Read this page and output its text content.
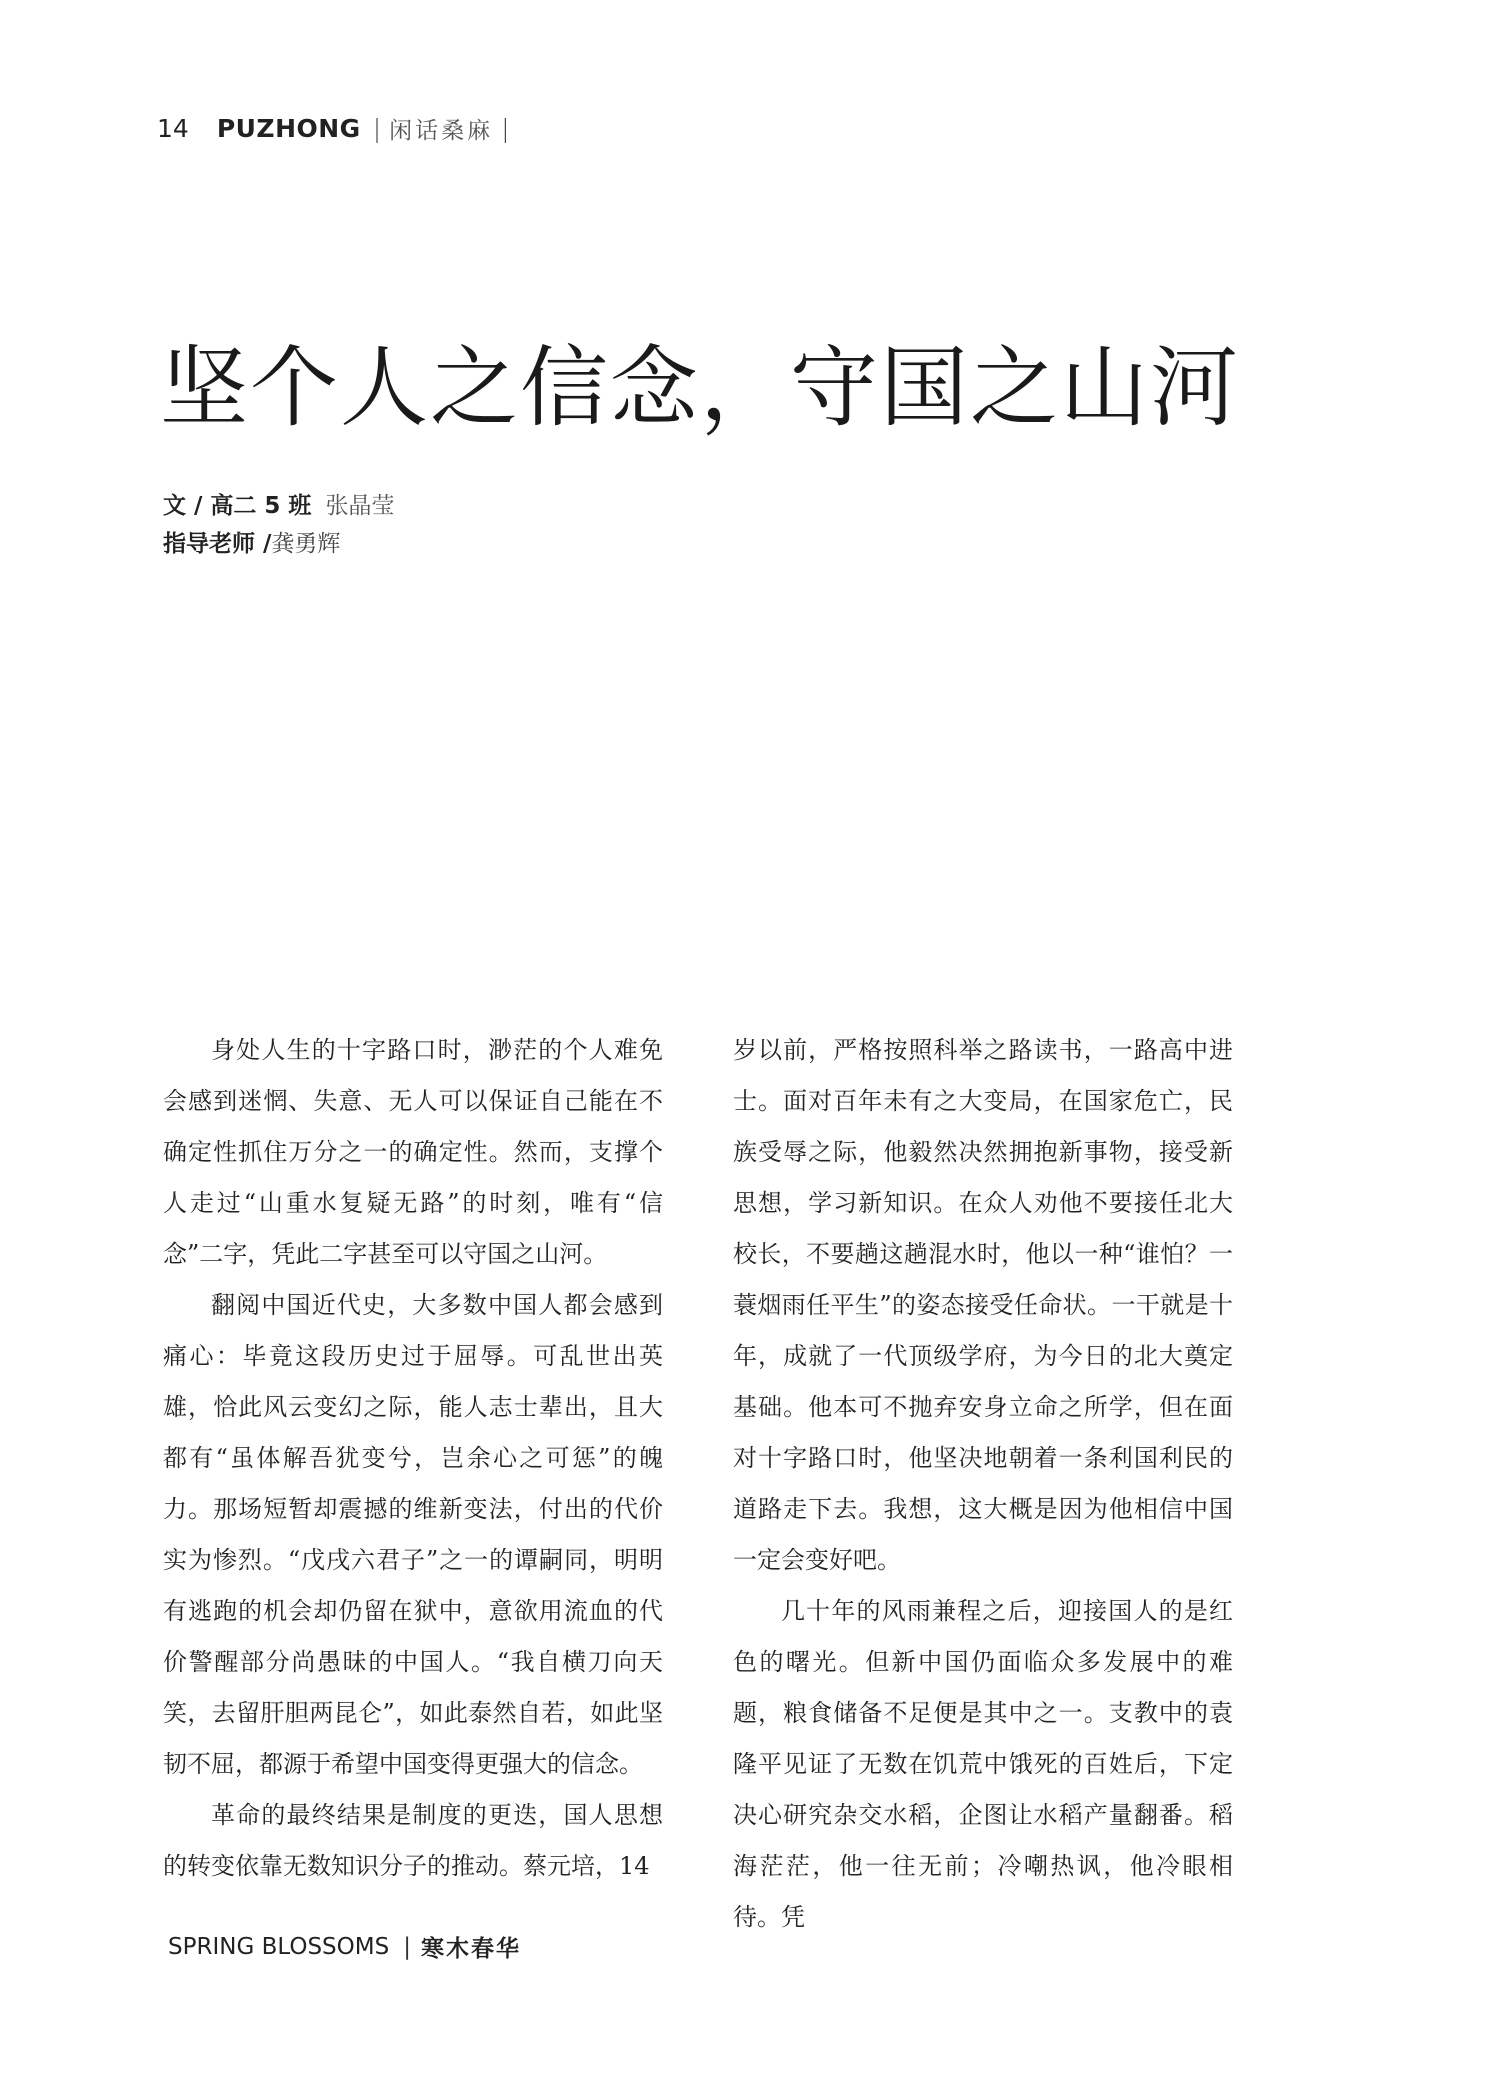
14 PUZHONG | 闲话桑麻 |
坚个人之信念，守国之山河
文 / 高二 5 班 张晶莹
指导老师 /龚勇辉

身处人生的十字路口时，渺茫的个人难免会感到迷惘、失意、无人可以保证自己能在不确定性抓住万分之一的确定性。然而，支撑个人走过“山重水复疑无路”的时刻，唯有“信念”二字，凭此二字甚至可以守国之山河。

翻阅中国近代史，大多数中国人都会感到痛心：毕竟这段历史过于屈辱。可乱世出英雄，恰此风云变幻之际，能人志士辈出，且大都有“虽体解吾犹变兮，岂余心之可惩”的魄力。那场短暂却震撼的维新变法，付出的代价实为惨烈。“戊戌六君子”之一的谭嗣同，明明有逃跑的机会却仍留在狱中，意欲用流血的代价警醒部分尚愚昧的中国人。“我自横刀向天笑，去留肝胆两昆仑”，如此泰然自若，如此坚韧不屈，都源于希望中国变得更强大的信念。

革命的最终结果是制度的更迭，国人思想的转变依靠无数知识分子的推动。蔡元培，14

岁以前，严格按照科举之路读书，一路高中进士。面对百年未有之大变局，在国家危亡，民族受辱之际，他毅然决然拥抱新事物，接受新思想，学习新知识。在众人劝他不要接任北大校长，不要趟这趟混水时，他以一种“谁怕？一蓑烟雨任平生”的姿态接受任命状。一干就是十年，成就了一代顶级学府，为今日的北大奠定基础。他本可不抛弃安身立命之所学，但在面对十字路口时，他坚决地朝着一条利国利民的道路走下去。我想，这大概是因为他相信中国一定会变好吧。

几十年的风雨兼程之后，迎接国人的是红色的曙光。但新中国仍面临众多发展中的难题，粮食储备不足便是其中之一。支教中的袁隆平见证了无数在饥荒中饿死的百姓后，下定决心研究杂交水稻，企图让水稻产量翻番。稻海茫茫，他一往无前；冷嘲热讽，他冷眼相待。凭

SPRING BLOSSOMS | 寒木春华
